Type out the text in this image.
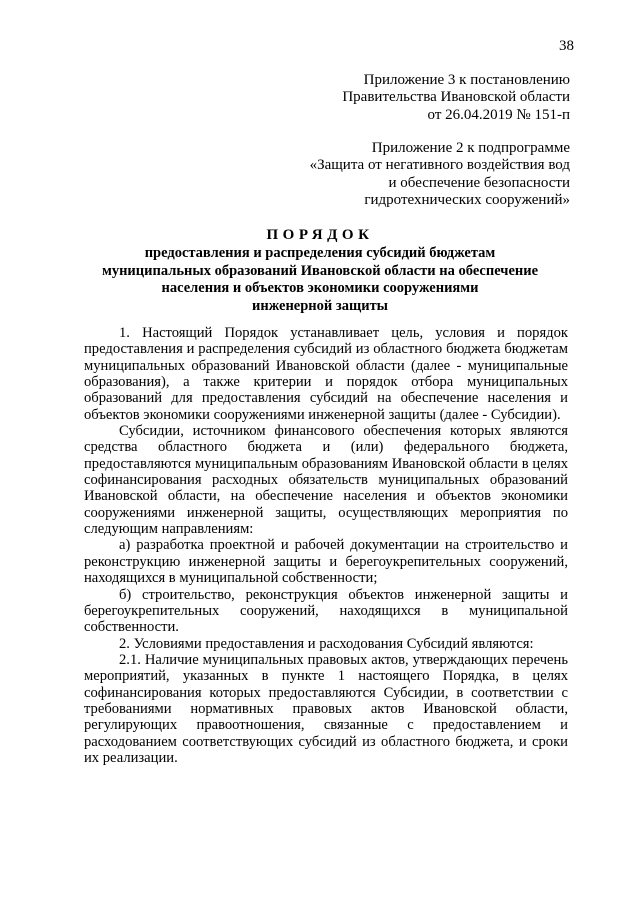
38
Приложение 3 к постановлению
Правительства Ивановской области
от 26.04.2019 № 151-п
Приложение 2 к подпрограмме
«Защита от негативного воздействия вод
и обеспечение безопасности
гидротехнических сооружений»
ПОРЯДОК
предоставления и распределения субсидий бюджетам
муниципальных образований Ивановской области на обеспечение
населения и объектов экономики сооружениями
инженерной защиты

1. Настоящий Порядок устанавливает цель, условия и порядок предоставления и распределения субсидий из областного бюджета бюджетам муниципальных образований Ивановской области (далее - муниципальные образования), а также критерии и порядок отбора муниципальных образований для предоставления субсидий на обеспечение населения и объектов экономики сооружениями инженерной защиты (далее - Субсидии).

Субсидии, источником финансового обеспечения которых являются средства областного бюджета и (или) федерального бюджета, предоставляются муниципальным образованиям Ивановской области в целях софинансирования расходных обязательств муниципальных образований Ивановской области, на обеспечение населения и объектов экономики сооружениями инженерной защиты, осуществляющих мероприятия по следующим направлениям:

а) разработка проектной и рабочей документации на строительство и реконструкцию инженерной защиты и берегоукрепительных сооружений, находящихся в муниципальной собственности;

б) строительство, реконструкция объектов инженерной защиты и берегоукрепительных сооружений, находящихся в муниципальной собственности.

2. Условиями предоставления и расходования Субсидий являются:

2.1. Наличие муниципальных правовых актов, утверждающих перечень мероприятий, указанных в пункте 1 настоящего Порядка, в целях софинансирования которых предоставляются Субсидии, в соответствии с требованиями нормативных правовых актов Ивановской области, регулирующих правоотношения, связанные с предоставлением и расходованием соответствующих субсидий из областного бюджета, и сроки их реализации.
